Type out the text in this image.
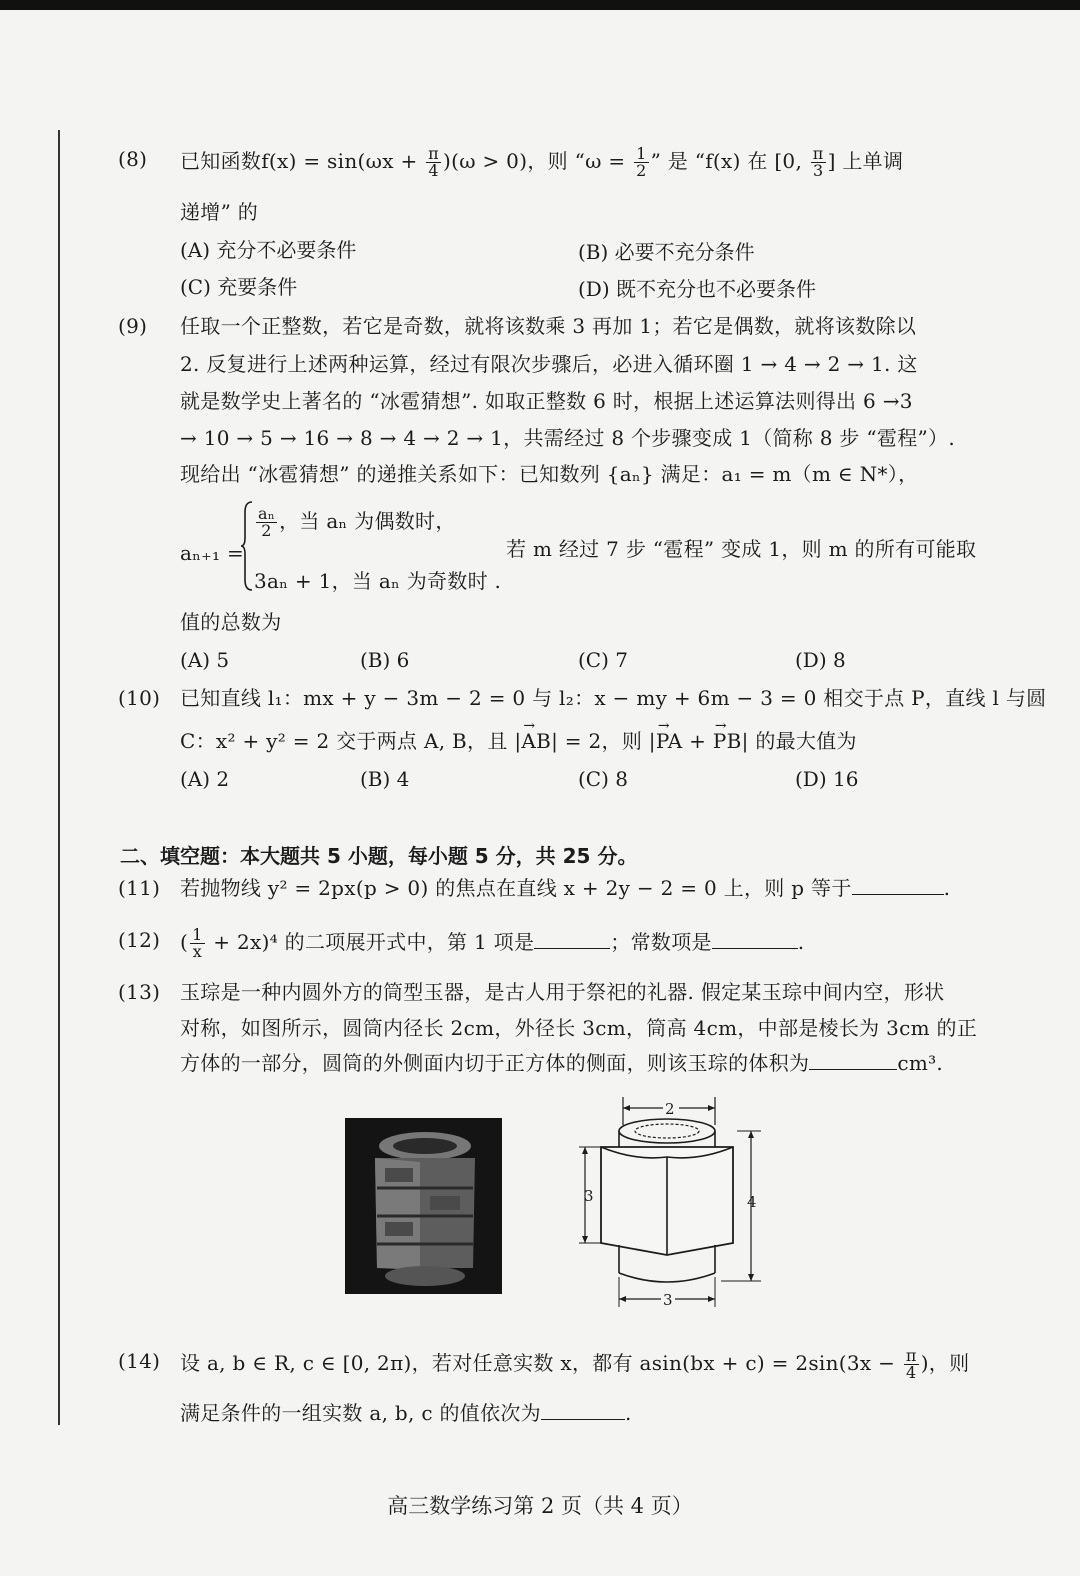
(8) 已知函数$f(x) = \sin(\omega x + \frac{\pi}{4} )(\omega > 0)$，则 “$\omega = \frac{1}{2}$ ” 是 “f(x) 在 [0, $\frac{\pi}{3}$ ] 上单调
递增” 的
(A) 充分不必要条件	(B) 必要不充分条件
(C) 充要条件	(D) 既不充分也不必要条件
(9) 任取一个正整数，若它是奇数，就将该数乘 3 再加 1；若它是偶数，就将该数除以
2. 反复进行上述两种运算，经过有限次步骤后，必进入循环圈 1 → 4 → 2 → 1. 这
就是数学史上著名的 “冰雹猜想”. 如取正整数 6 时，根据上述运算法则得出 6 →3
→ 10 → 5 → 16 → 8 → 4 → 2 → 1，共需经过 8 个步骤变成 1（简称 8 步 “雹程”）.
现给出 “冰雹猜想” 的递推关系如下：已知数列 {aₙ} 满足：a₁ = m（m ∈ N*），
aₙ₊₁ =
$\frac{\text{aₙ}}{2}$ ，当 aₙ 为偶数时，
3aₙ + 1，当 aₙ 为奇数时 .
若 m 经过 7 步 “雹程” 变成 1，则 m 的所有可能取
值的总数为
(A) 5	(B) 6	(C) 7	(D) 8
(10) 已知直线 l₁：mx + y − 3m − 2 = 0 与 l₂：x − my + 6m − 3 = 0 相交于点 P，直线 l 与圆
C：x² + y² = 2 交于两点 A, B，且 |→ AB| = 2，则 |→ PA + → PB| 的最大值为
(A) 2	(B) 4	(C) 8	(D) 16
二、填空题：本大题共 5 小题，每小题 5 分，共 25 分。
(11) 若抛物线 y² = 2px(p > 0) 的焦点在直线 x + 2y − 2 = 0 上，则 p 等于	.
(12) ( $\frac{1}{x} + 2x)^4$ 的二项展开式中，第 1 项是	；常数项是	.
(13) 玉琮是一种内圆外方的筒型玉器，是古人用于祭祀的礼器. 假定某玉琮中间内空，形状
对称，如图所示，圆筒内径长 2cm，外径长 3cm，筒高 4cm，中部是棱长为 3cm 的正
方体的一部分，圆筒的外侧面内切于正方体的侧面，则该玉琮的体积为	cm³.
2
3	4
3
(14) 设 a, b ∈ R, c ∈ [0, 2π)，若对任意实数 x，都有 $asin(bx + c) = 2\sin(3x - \frac{\pi}{4}$ )，则
满足条件的一组实数 a, b, c 的值依次为	.
高三数学练习第 2 页（共 4 页）
